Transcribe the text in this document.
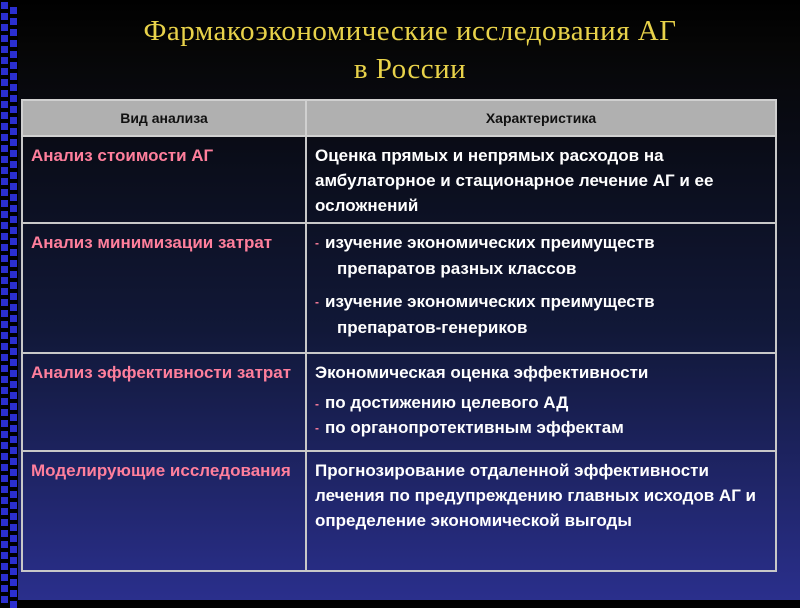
Фармакоэкономические исследования АГ
в России
Вид анализа	Характеристика
Анализ стоимости АГ	Оценка прямых и непрямых расходов на амбулаторное и стационарное лечение АГ и ее осложнений
Анализ минимизации затрат	- изучение экономических преимуществ
препаратов разных классов
- изучение экономических преимуществ
препаратов-генериков

Анализ эффективности затрат	Экономическая оценка эффективности
- по достижению целевого АД
- по органопротективным эффектам

Моделирующие исследования	Прогнозирование отдаленной эффективности лечения по предупреждению главных исходов АГ и определение экономической выгоды
